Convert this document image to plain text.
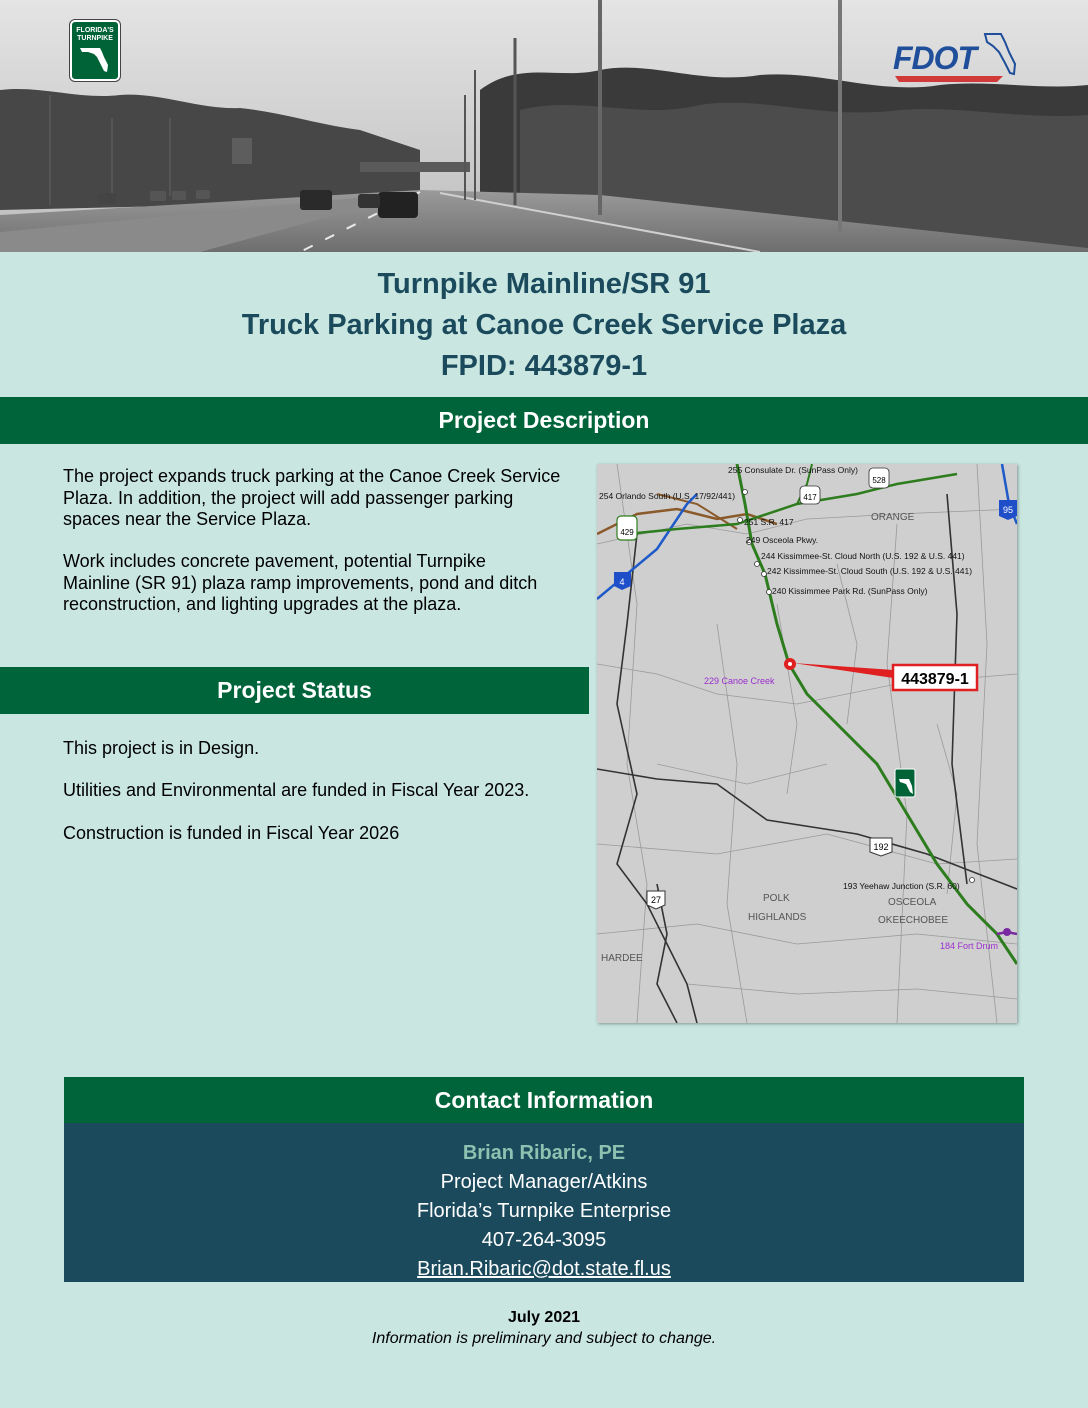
FLORIDA'S TURNPIKE
FDOT
Turnpike Mainline/SR 91
Truck Parking at Canoe Creek Service Plaza
FPID: 443879-1
Project Description

The project expands truck parking at the Canoe Creek Service Plaza. In addition, the project will add passenger parking spaces near the Service Plaza.

Work includes concrete pavement, potential Turnpike Mainline (SR 91) plaza ramp improvements, pond and ditch reconstruction, and lighting upgrades at the plaza.

Project Status

This project is in Design.

Utilities and Environmental are funded in Fiscal Year 2023.

Construction is funded in Fiscal Year 2026

443879-1
417
528
429
95
4
192
27
255 Consulate Dr. (SunPass Only)
254 Orlando South (U.S. 17/92/441)
251 S.R. 417
249 Osceola Pkwy.
244 Kissimmee-St. Cloud North (U.S. 192 & U.S. 441)
242 Kissimmee-St. Cloud South (U.S. 192 & U.S. 441)
240 Kissimmee Park Rd. (SunPass Only)
193 Yeehaw Junction (S.R. 60)
229 Canoe Creek
184 Fort Drum
ORANGE
POLK
HIGHLANDS
OSCEOLA
OKEECHOBEE
HARDEE
Contact Information
Brian Ribaric, PE
Project Manager/Atkins
Florida’s Turnpike Enterprise
407-264-3095
Brian.Ribaric@dot.state.fl.us
July 2021
Information is preliminary and subject to change.
